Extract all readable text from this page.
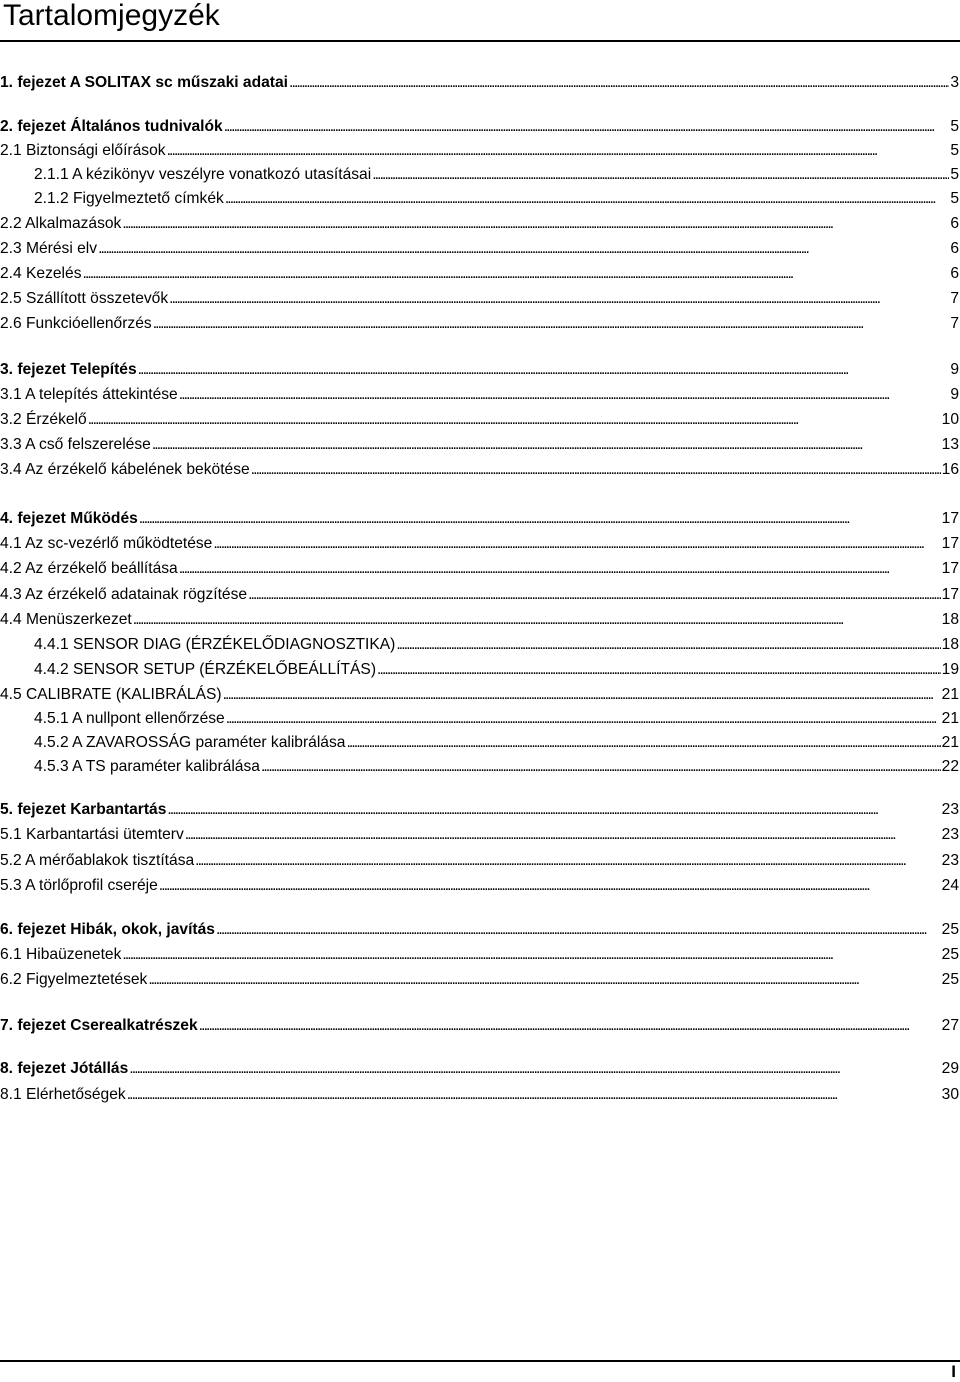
Tartalomjegyzék
1. fejezet A SOLITAX sc műszaki adatai . . .	3
2. fejezet Általános tudnivalók . . .	5
2.1 Biztonsági előírások . . .	5
2.1.1 A kézikönyv veszélyre vonatkozó utasításai . . .	5
2.1.2 Figyelmeztető címkék . . .	5
2.2 Alkalmazások . . .	6
2.3 Mérési elv . . .	6
2.4 Kezelés . . .	6
2.5 Szállított összetevők . . .	7
2.6 Funkcióellenőrzés . . .	7
3. fejezet Telepítés . . .	9
3.1 A telepítés áttekintése . . .	9
3.2 Érzékelő . . .	10
3.3 A cső felszerelése . . .	13
3.4 Az érzékelő kábelének bekötése . . .	16
4. fejezet Működés . . .	17
4.1 Az sc-vezérlő működtetése . . .	17
4.2 Az érzékelő beállítása . . .	17
4.3 Az érzékelő adatainak rögzítése . . .	17
4.4 Menüszerkezet . . .	18
4.4.1 SENSOR DIAG (ÉRZÉKELŐDIAGNOSZTIKA) . . .	18
4.4.2 SENSOR SETUP (ÉRZÉKELŐBEÁLLÍTÁS) . . .	19
4.5 CALIBRATE (KALIBRÁLÁS) . . .	21
4.5.1 A nullpont ellenőrzése . . .	21
4.5.2 A ZAVAROSSÁG paraméter kalibrálása . . .	21
4.5.3 A TS paraméter kalibrálása . . .	22
5. fejezet Karbantartás . . .	23
5.1 Karbantartási ütemterv . . .	23
5.2 A mérőablakok tisztítása . . .	23
5.3 A törlőprofil cseréje . . .	24
6. fejezet Hibák, okok, javítás . . .	25
6.1 Hibaüzenetek . . .	25
6.2 Figyelmeztetések . . .	25
7. fejezet Cserealkatrészek . . .	27
8. fejezet Jótállás . . .	29
8.1 Elérhetőségek . . .	30
I
